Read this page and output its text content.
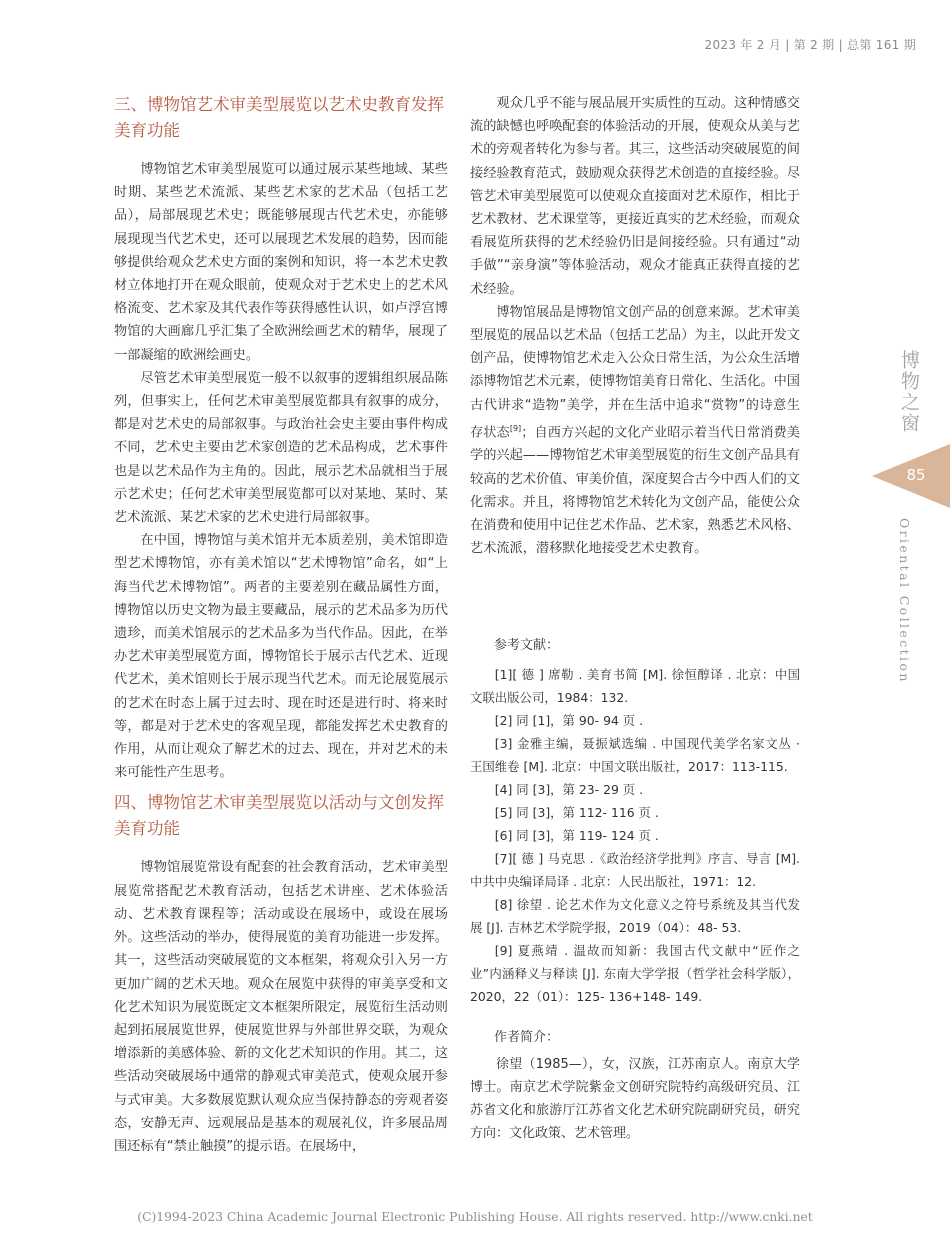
2023 年 2 月 | 第 2 期 | 总第 161 期
三、博物馆艺术审美型展览以艺术史教育发挥美育功能

博物馆艺术审美型展览可以通过展示某些地域、某些时期、某些艺术流派、某些艺术家的艺术品（包括工艺品），局部展现艺术史；既能够展现古代艺术史，亦能够展现现当代艺术史，还可以展现艺术发展的趋势，因而能够提供给观众艺术史方面的案例和知识，将一本艺术史教材立体地打开在观众眼前，使观众对于艺术史上的艺术风格流变、艺术家及其代表作等获得感性认识，如卢浮宫博物馆的大画廊几乎汇集了全欧洲绘画艺术的精华，展现了一部凝缩的欧洲绘画史。

尽管艺术审美型展览一般不以叙事的逻辑组织展品陈列，但事实上，任何艺术审美型展览都具有叙事的成分，都是对艺术史的局部叙事。与政治社会史主要由事件构成不同，艺术史主要由艺术家创造的艺术品构成，艺术事件也是以艺术品作为主角的。因此，展示艺术品就相当于展示艺术史；任何艺术审美型展览都可以对某地、某时、某艺术流派、某艺术家的艺术史进行局部叙事。

在中国，博物馆与美术馆并无本质差别，美术馆即造型艺术博物馆，亦有美术馆以“艺术博物馆”命名，如“上海当代艺术博物馆”。两者的主要差别在藏品属性方面，博物馆以历史文物为最主要藏品，展示的艺术品多为历代遗珍，而美术馆展示的艺术品多为当代作品。因此，在举办艺术审美型展览方面，博物馆长于展示古代艺术、近现代艺术，美术馆则长于展示现当代艺术。而无论展览展示的艺术在时态上属于过去时、现在时还是进行时、将来时等，都是对于艺术史的客观呈现，都能发挥艺术史教育的作用，从而让观众了解艺术的过去、现在，并对艺术的未来可能性产生思考。

四、博物馆艺术审美型展览以活动与文创发挥美育功能

博物馆展览常设有配套的社会教育活动，艺术审美型展览常搭配艺术教育活动，包括艺术讲座、艺术体验活动、艺术教育课程等；活动或设在展场中，或设在展场外。这些活动的举办，使得展览的美育功能进一步发挥。其一，这些活动突破展览的文本框架，将观众引入另一方更加广阔的艺术天地。观众在展览中获得的审美享受和文化艺术知识为展览既定文本框架所限定，展览衍生活动则起到拓展展览世界，使展览世界与外部世界交联，为观众增添新的美感体验、新的文化艺术知识的作用。其二，这些活动突破展场中通常的静观式审美范式，使观众展开参与式审美。大多数展览默认观众应当保持静态的旁观者姿态，安静无声、远观展品是基本的观展礼仪，许多展品周围还标有“禁止触摸”的提示语。在展场中，

观众几乎不能与展品展开实质性的互动。这种情感交流的缺憾也呼唤配套的体验活动的开展，使观众从美与艺术的旁观者转化为参与者。其三，这些活动突破展览的间接经验教育范式，鼓励观众获得艺术创造的直接经验。尽管艺术审美型展览可以使观众直接面对艺术原作，相比于艺术教材、艺术课堂等，更接近真实的艺术经验，而观众看展览所获得的艺术经验仍旧是间接经验。只有通过“动手做”“亲身演”等体验活动，观众才能真正获得直接的艺术经验。

博物馆展品是博物馆文创产品的创意来源。艺术审美型展览的展品以艺术品（包括工艺品）为主，以此开发文创产品，使博物馆艺术走入公众日常生活，为公众生活增添博物馆艺术元素，使博物馆美育日常化、生活化。中国古代讲求“造物”美学，并在生活中追求“赏物”的诗意生存状态[9]；自西方兴起的文化产业昭示着当代日常消费美学的兴起——博物馆艺术审美型展览的衍生文创产品具有较高的艺术价值、审美价值，深度契合古今中西人们的文化需求。并且，将博物馆艺术转化为文创产品，能使公众在消费和使用中记住艺术作品、艺术家，熟悉艺术风格、艺术流派，潜移默化地接受艺术史教育。

参考文献：
[1][ 德 ] 席勒 . 美育书简 [M]. 徐恒醇译 . 北京：中国文联出版公司，1984：132.
[2] 同 [1]，第 90- 94 页 .
[3] 金雅主编，聂振斌选编 . 中国现代美学名家文丛 · 王国维卷 [M]. 北京：中国文联出版社，2017：113-115.
[4] 同 [3]，第 23- 29 页 .
[5] 同 [3]，第 112- 116 页 .
[6] 同 [3]，第 119- 124 页 .
[7][ 德 ] 马克思 .《政治经济学批判》序言、导言 [M]. 中共中央编译局译 . 北京：人民出版社，1971：12.
[8] 徐望 . 论艺术作为文化意义之符号系统及其当代发展 [J]. 吉林艺术学院学报，2019（04）：48- 53.
[9] 夏燕靖 . 温故而知新：我国古代文献中“匠作之业”内涵释义与释读 [J]. 东南大学学报（哲学社会科学版），2020，22（01）：125- 136+148- 149.
作者简介：

徐望（1985—），女，汉族，江苏南京人。南京大学博士。南京艺术学院紫金文创研究院特约高级研究员、江苏省文化和旅游厅江苏省文化艺术研究院副研究员，研究方向：文化政策、艺术管理。

博物之窗
85
Oriental Collection
(C)1994-2023 China Academic Journal Electronic Publishing House. All rights reserved. http://www.cnki.net
